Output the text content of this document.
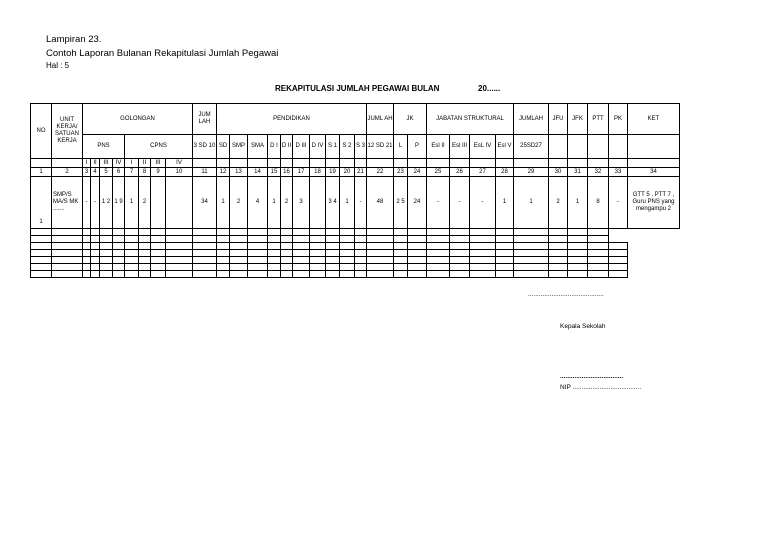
Lampiran 23.
Contoh Laporan Bulanan Rekapitulasi Jumlah Pegawai
Hal : 5
REKAPITULASI JUMLAH PEGAWAI BULAN	20......
NO	UNIT KERJA/ SATUAN KERJA	GOLONGAN								JUM LAH	PENDIDIKAN										JUML AH	JK		JABATAN STRUKTURAL				JUMLAH	JFU	JFK	PTT	PK	KET
		PNS				CPNS				3 SD 10	SD	SMP	SMA	D I	D II	D III	D IV	S 1	S 2	S 3	12 SD 21	L	P	Esl II	Esl III	EsL IV	Esl V	25SD27					
		I	II	III	IV	I	II	III	IV																								
1	2	3	4	5	6	7	8	9	10	11	12	13	14	15	16	17	18	19	20	21	22	23	24	25	26	27	28	29	30	31	32	33	34
1	SMP/S MA/S MK .......	-	-	1 2	1 9	1	2			34	1	2	4	1	2	3		3 4	1	-	48	2 5	24	-	-	-	1	1	2	1	8	-	GTT 5 , PTT 7 , Guru PNS yang mengampu 2

..........................................
Kepala Sekolah
...................................
NIP ......................................
